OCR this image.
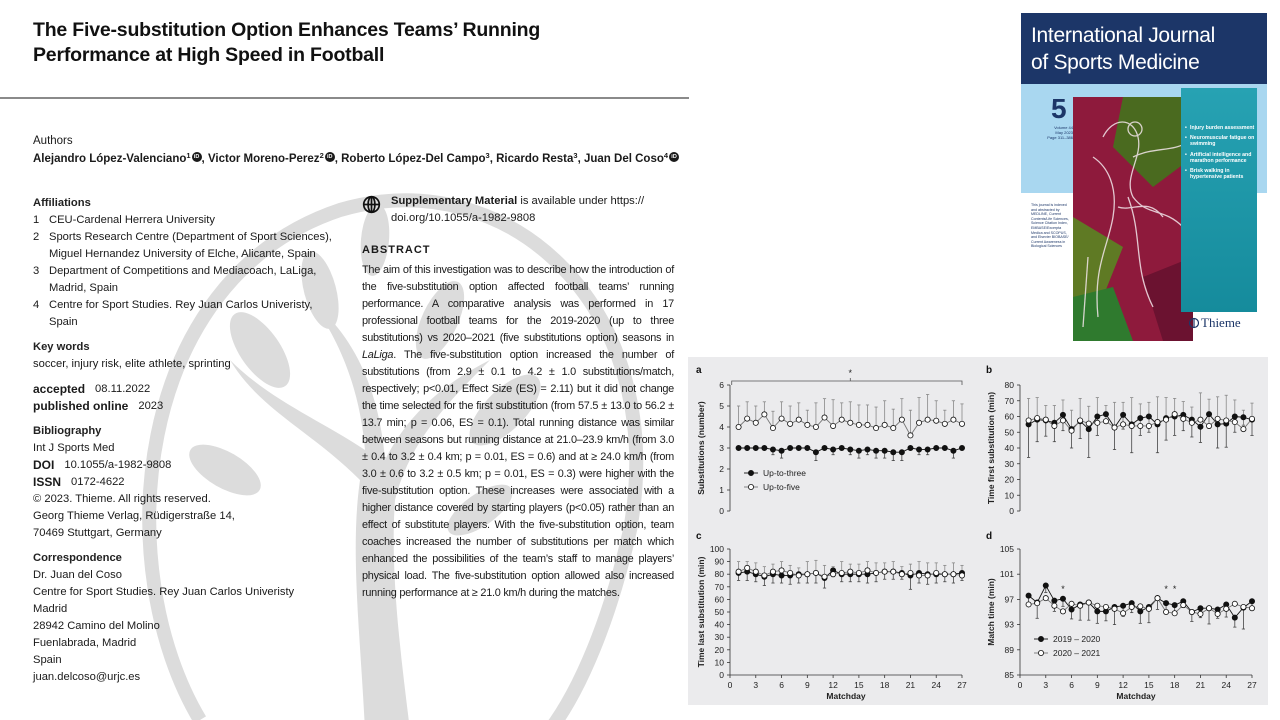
The Five-substitution Option Enhances Teams’ Running
Performance at High Speed in Football
Authors
Alejandro López-Valenciano$^1$ iD , Victor Moreno-Perez$^2$ iD , Roberto López-Del Campo$^3$, Ricardo Resta$^3$, Juan Del Coso$^4$ iD
Affiliations
1 CEU-Cardenal Herrera University
2 Sports Research Centre (Department of Sport Sciences),
Miguel Hernandez University of Elche, Alicante, Spain
3 Department of Competitions and Mediacoach, LaLiga,
Madrid, Spain
4 Centre for Sport Studies. Rey Juan Carlos Univeristy,
Spain
Key words
soccer, injury risk, elite athlete, sprinting
accepted 08.11.2022
published online 2023
Bibliography
Int J Sports Med
DOI 10.1055/a-1982-9808
ISSN 0172-4622
© 2023. Thieme. All rights reserved.
Georg Thieme Verlag, Rüdigerstraße 14,
70469 Stuttgart, Germany
Correspondence
Dr. Juan del Coso
Centre for Sport Studies. Rey Juan Carlos Univeristy
Madrid
28942 Camino del Molino
Fuenlabrada, Madrid
Spain
juan.delcoso@urjc.es
Supplementary Material is available under https://
doi.org/10.1055/a-1982-9808
ABSTRACT
The aim of this investigation was to describe how the introduction of the five-substitution option affected football teams’ running performance. A comparative analysis was performed in 17 professional football teams for the 2019-2020 (up to three substitutions) vs 2020–2021 (five substitutions option) seasons in LaLiga. The five-substitution option increased the number of substitutions (from 2.9 ± 0.1 to 4.2 ± 1.0 substitutions/match, respectively; p<0.01, Effect Size (ES) = 2.11) but it did not change the time selected for the first substitution (from 57.5 ± 13.0 to 56.2 ± 13.7 min; p = 0.06, ES = 0.1). Total running distance was similar between seasons but running distance at 21.0–23.9 km/h (from 3.0 ± 0.4 to 3.2 ± 0.4 km; p = 0.01, ES = 0.6) and at ≥ 24.0 km/h (from 3.0 ± 0.6 to 3.2 ± 0.5 km; p = 0.01, ES = 0.3) were higher with the five-substitution option. These increases were associated with a higher distance covered by starting players (p<0.05) rather than an effect of substitute players. With the five-substitution option, team coaches increased the number of substitutions per match which enhanced the possibilities of the team’s staff to manage players’ physical load. The five-substitution option allowed also increased running performance at ≥ 21.0 km/h during the matches.
International Journal
of Sports Medicine
5
Volume 44
May 2023
Page 311–386
This journal is indexed and abstracted by MEDLINE, Current Contents/Life Sciences, Science Citation Index, EMBASE/Excerpta Medica and SCOPUS, and Elsevier BIOBASE/ Current Awareness in Biological Sciences
• Injury burden assessment
• Neuromuscular fatigue on swimming
• Artificial intelligence and marathon performance
• Brisk walking in hypertensive patients
Thieme
a
0
1
2
3
4
5
6
Substitutions (number)
*
Up-to-three
Up-to-five
b
0
10
20
30
40
50
60
70
80
Time first substitution (min)
c
0
10
20
30
40
50
60
70
80
90
100
Time last substitution (min)
0 3 6 9 12 15 18 21 24 27
Matchday
d
85
89
93
97
101
105
Match time (min)
0 3 6 9 12 15 18 21 24 27
Matchday
*	* *
2019 – 2020
2020 – 2021
